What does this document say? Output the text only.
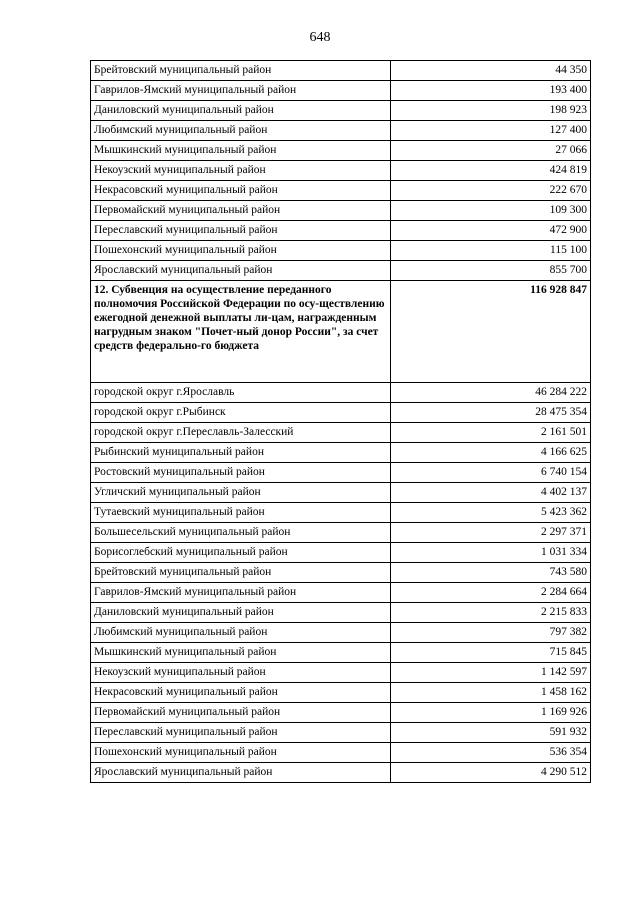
648
Брейтовский муниципальный район	44 350
Гаврилов-Ямский муниципальный район	193 400
Даниловский муниципальный район	198 923
Любимский муниципальный район	127 400
Мышкинский муниципальный район	27 066
Некоузский муниципальный район	424 819
Некрасовский муниципальный район	222 670
Первомайский муниципальный район	109 300
Переславский муниципальный район	472 900
Пошехонский муниципальный район	115 100
Ярославский муниципальный район	855 700
12. Субвенция на осуществление переданного полномочия Российской Федерации по осу-ществлению ежегодной денежной выплаты ли-цам, награжденным нагрудным знаком "Почет-ный донор России", за счет средств федерально-го бюджета	116 928 847
городской округ г.Ярославль	46 284 222
городской округ г.Рыбинск	28 475 354
городской округ г.Переславль-Залесский	2 161 501
Рыбинский муниципальный район	4 166 625
Ростовский муниципальный район	6 740 154
Угличский муниципальный район	4 402 137
Тутаевский муниципальный район	5 423 362
Большесельский муниципальный район	2 297 371
Борисоглебский муниципальный район	1 031 334
Брейтовский муниципальный район	743 580
Гаврилов-Ямский муниципальный район	2 284 664
Даниловский муниципальный район	2 215 833
Любимский муниципальный район	797 382
Мышкинский муниципальный район	715 845
Некоузский муниципальный район	1 142 597
Некрасовский муниципальный район	1 458 162
Первомайский муниципальный район	1 169 926
Переславский муниципальный район	591 932
Пошехонский муниципальный район	536 354
Ярославский муниципальный район	4 290 512
